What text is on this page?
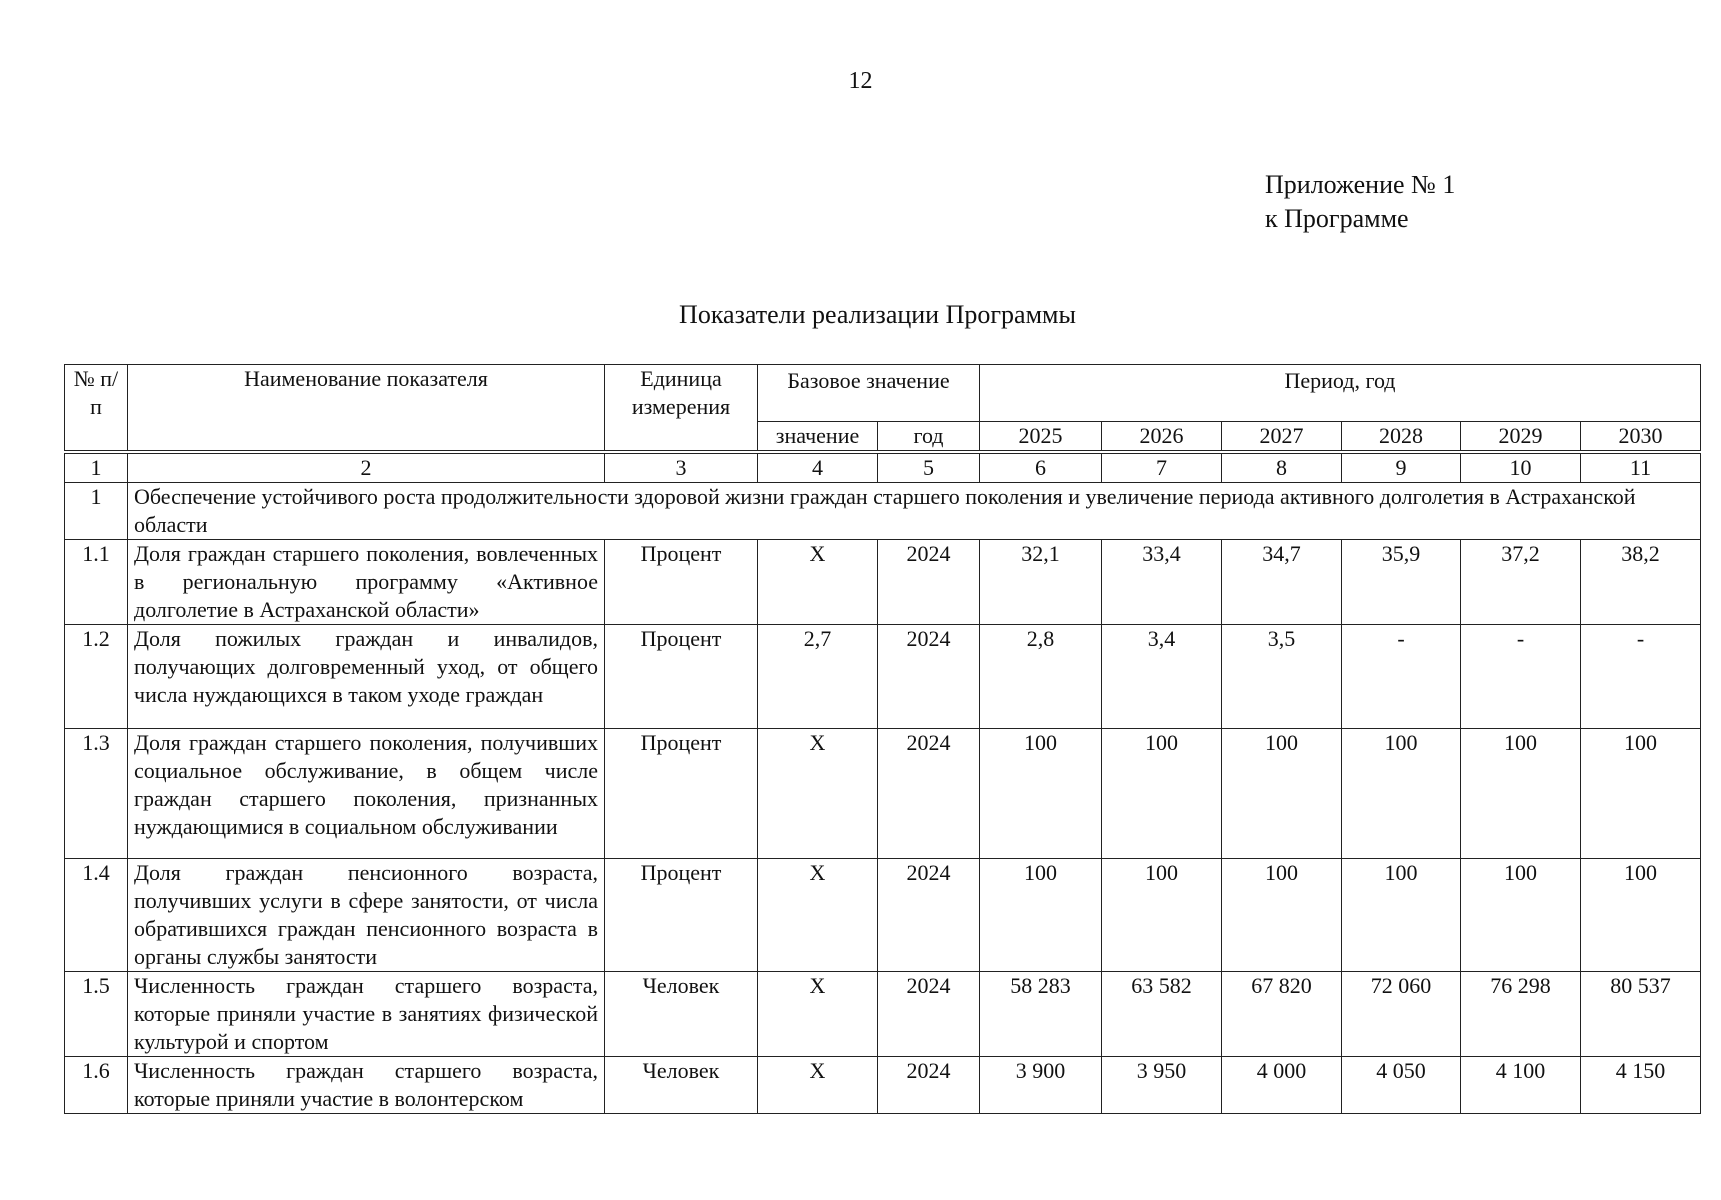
12
Приложение № 1
к Программе
Показатели реализации Программы
№ п/п	Наименование показателя	Единица измерения	Базовое значение		Период, год					
			значение	год	2025	2026	2027	2028	2029	2030
1	2	3	4	5	6	7	8	9	10	11
1	Обеспечение устойчивого роста продолжительности здоровой жизни граждан старшего поколения и увеличение периода активного долголетия в Астраханской области									
1.1	Доля граждан старшего поколения, вовлеченных в региональную программу «Активное долголетие в Астраханской области»	Процент	Х	2024	32,1	33,4	34,7	35,9	37,2	38,2
1.2	Доля пожилых граждан и инвалидов, получающих долговременный уход, от общего числа нуждающихся в таком уходе граждан	Процент	2,7	2024	2,8	3,4	3,5	-	-	-
1.3	Доля граждан старшего поколения, получивших социальное обслуживание, в общем числе граждан старшего поколения, признанных нуждающимися в социальном обслуживании	Процент	Х	2024	100	100	100	100	100	100
1.4	Доля граждан пенсионного возраста, получивших услуги в сфере занятости, от числа обратившихся граждан пенсионного возраста в органы службы занятости	Процент	Х	2024	100	100	100	100	100	100
1.5	Численность граждан старшего возраста, которые приняли участие в занятиях физической культурой и спортом	Человек	Х	2024	58 283	63 582	67 820	72 060	76 298	80 537
1.6	Численность граждан старшего возраста, которые приняли участие в волонтерском	Человек	Х	2024	3 900	3 950	4 000	4 050	4 100	4 150
